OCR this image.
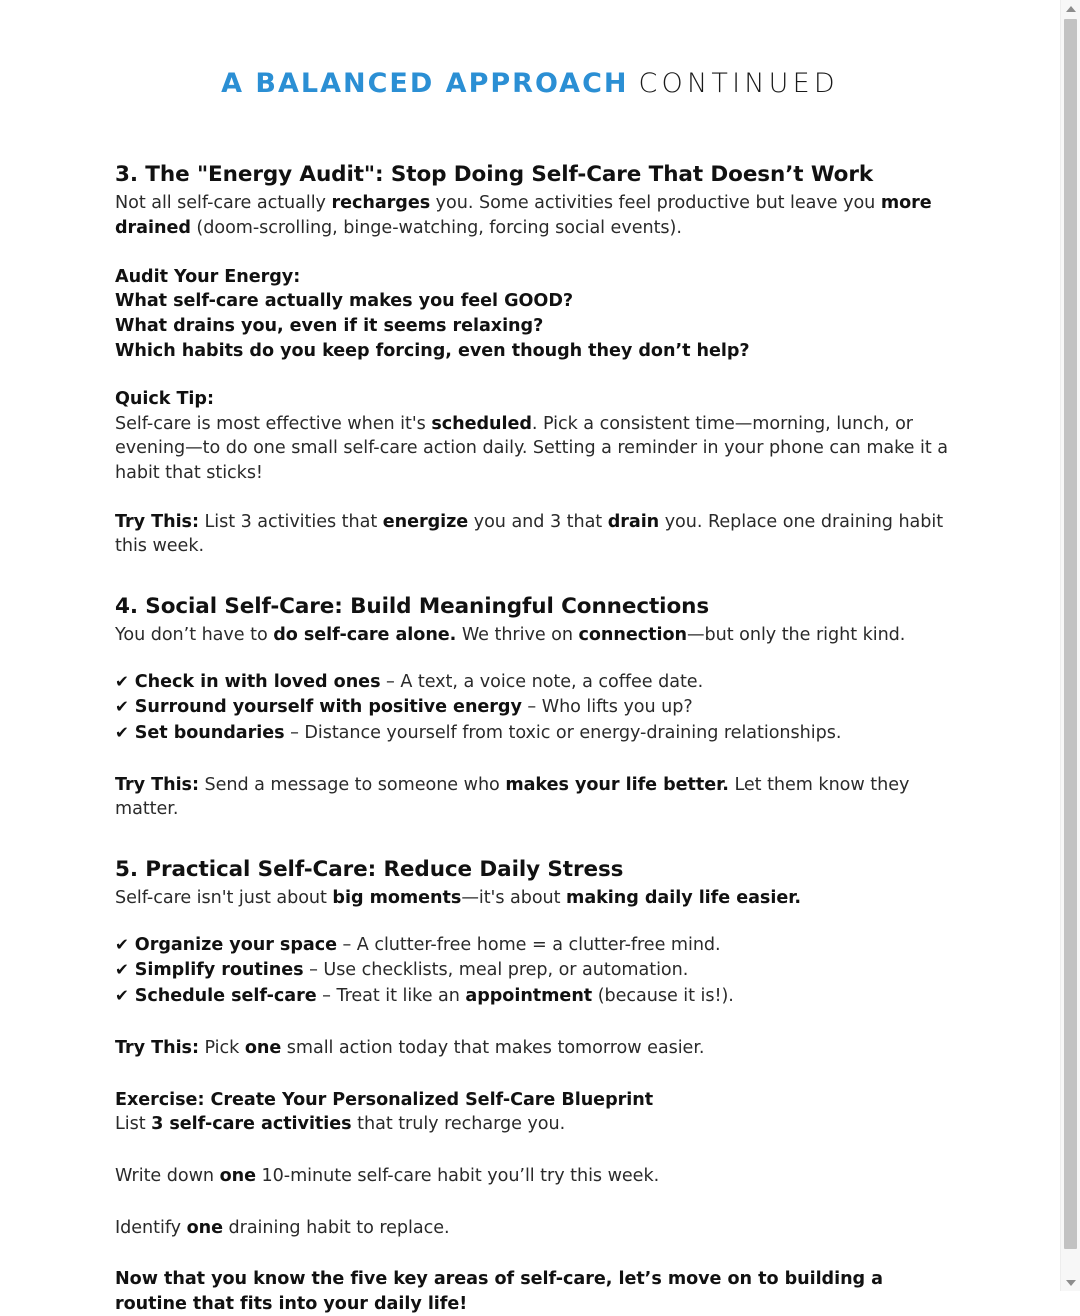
A BALANCED APPROACH CONTINUED
3. The "Energy Audit": Stop Doing Self-Care That Doesn’t Work

Not all self-care actually recharges you. Some activities feel productive but leave you more drained (doom-scrolling, binge-watching, forcing social events).

Audit Your Energy:
What self-care actually makes you feel GOOD?
What drains you, even if it seems relaxing?
Which habits do you keep forcing, even though they don’t help?

Quick Tip:

Self-care is most effective when it's scheduled. Pick a consistent time—morning, lunch, or evening—to do one small self-care action daily. Setting a reminder in your phone can make it a habit that sticks!

Try This: List 3 activities that energize you and 3 that drain you. Replace one draining habit this week.

4. Social Self-Care: Build Meaningful Connections

You don’t have to do self-care alone. We thrive on connection—but only the right kind.

✔ Check in with loved ones – A text, a voice note, a coffee date.
✔ Surround yourself with positive energy – Who lifts you up?
✔ Set boundaries – Distance yourself from toxic or energy-draining relationships.

Try This: Send a message to someone who makes your life better. Let them know they matter.

5. Practical Self-Care: Reduce Daily Stress

Self-care isn't just about big moments—it's about making daily life easier.

✔ Organize your space – A clutter-free home = a clutter-free mind.
✔ Simplify routines – Use checklists, meal prep, or automation.
✔ Schedule self-care – Treat it like an appointment (because it is!).

Try This: Pick one small action today that makes tomorrow easier.

Exercise: Create Your Personalized Self-Care Blueprint

List 3 self-care activities that truly recharge you.

Write down one 10-minute self-care habit you’ll try this week.

Identify one draining habit to replace.

Now that you know the five key areas of self-care, let’s move on to building a routine that fits into your daily life!
